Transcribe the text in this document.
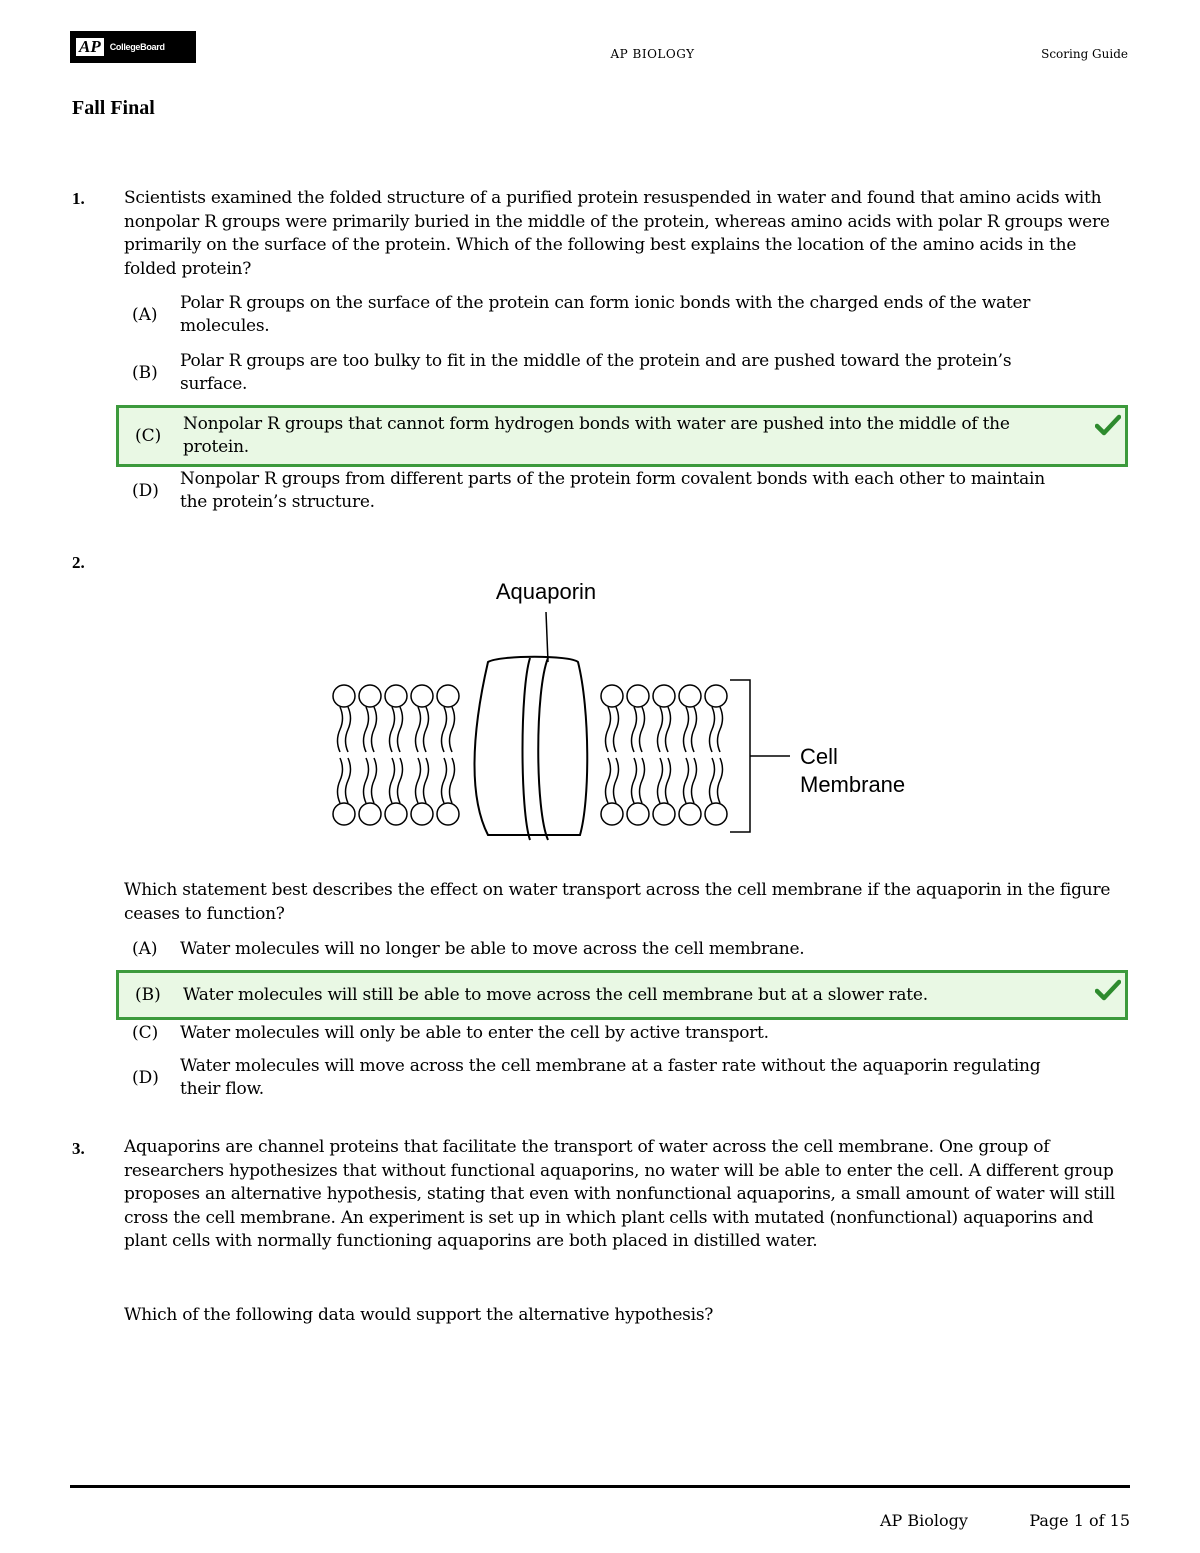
AP	CollegeBoard	AP BIOLOGY	Scoring Guide
Fall Final
1. Scientists examined the folded structure of a purified protein resuspended in water and found that amino acids with nonpolar R groups were primarily buried in the middle of the protein, whereas amino acids with polar R groups were primarily on the surface of the protein. Which of the following best explains the location of the amino acids in the folded protein?
(A)
Polar R groups on the surface of the protein can form ionic bonds with the charged ends of the water molecules.
(B)
Polar R groups are too bulky to fit in the middle of the protein and are pushed toward the protein’s surface.
(C)
Nonpolar R groups that cannot form hydrogen bonds with water are pushed into the middle of the protein.
(D)
Nonpolar R groups from different parts of the protein form covalent bonds with each other to maintain the protein’s structure.
2.
Aquaporin
Cell
Membrane
Which statement best describes the effect on water transport across the cell membrane if the aquaporin in the figure ceases to function?
(A)	Water molecules will no longer be able to move across the cell membrane.
(B)	Water molecules will still be able to move across the cell membrane but at a slower rate.
(C)	Water molecules will only be able to enter the cell by active transport.
(D)
Water molecules will move across the cell membrane at a faster rate without the aquaporin regulating their flow.
3. Aquaporins are channel proteins that facilitate the transport of water across the cell membrane. One group of researchers hypothesizes that without functional aquaporins, no water will be able to enter the cell. A different group proposes an alternative hypothesis, stating that even with nonfunctional aquaporins, a small amount of water will still cross the cell membrane. An experiment is set up in which plant cells with mutated (nonfunctional) aquaporins and plant cells with normally functioning aquaporins are both placed in distilled water.
Which of the following data would support the alternative hypothesis?
AP Biology	Page 1 of 15
